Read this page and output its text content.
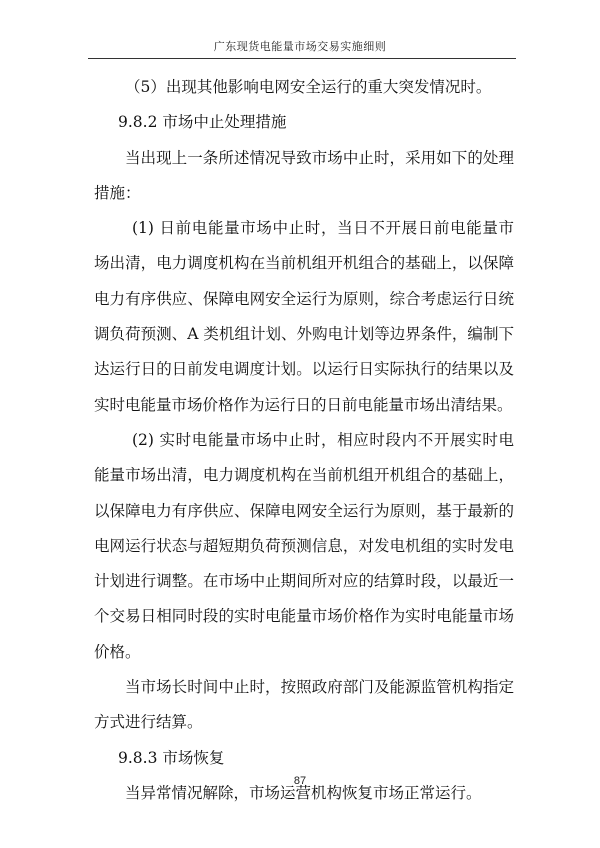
广东现货电能量市场交易实施细则

（5）出现其他影响电网安全运行的重大突发情况时。

9.8.2 市场中止处理措施

当出现上一条所述情况导致市场中止时，采用如下的处理措施：

(1) 日前电能量市场中止时，当日不开展日前电能量市场出清，电力调度机构在当前机组开机组合的基础上，以保障电力有序供应、保障电网安全运行为原则，综合考虑运行日统调负荷预测、A 类机组计划、外购电计划等边界条件，编制下达运行日的日前发电调度计划。以运行日实际执行的结果以及实时电能量市场价格作为运行日的日前电能量市场出清结果。

(2) 实时电能量市场中止时，相应时段内不开展实时电能量市场出清，电力调度机构在当前机组开机组合的基础上，以保障电力有序供应、保障电网安全运行为原则，基于最新的电网运行状态与超短期负荷预测信息，对发电机组的实时发电计划进行调整。在市场中止期间所对应的结算时段，以最近一个交易日相同时段的实时电能量市场价格作为实时电能量市场价格。

当市场长时间中止时，按照政府部门及能源监管机构指定方式进行结算。

9.8.3 市场恢复

当异常情况解除，市场运营机构恢复市场正常运行。

87
